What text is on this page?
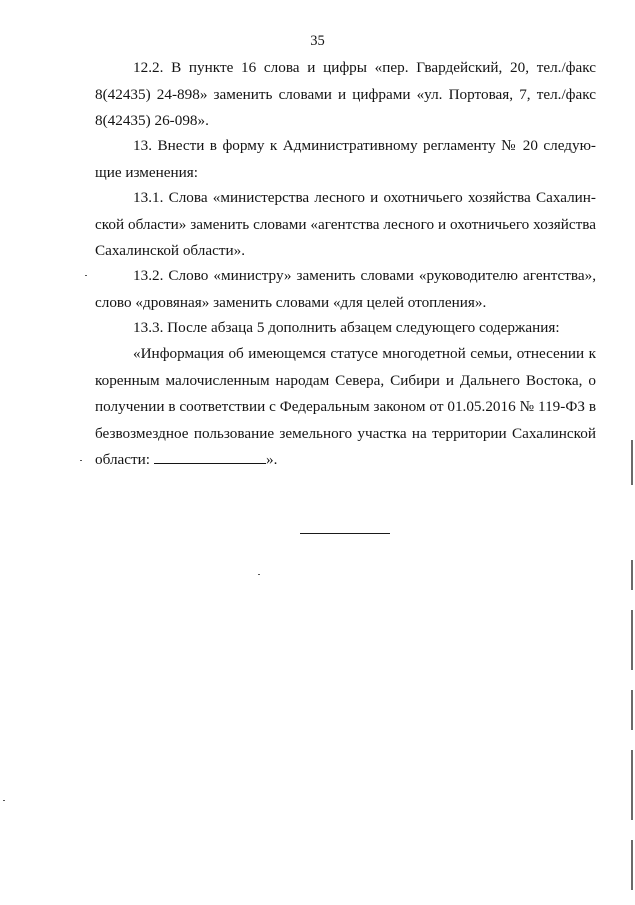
35
12.2. В пункте 16 слова и цифры «пер. Гвардейский, 20, тел./факс
8(42435) 24-898» заменить словами и цифрами «ул. Портовая, 7, тел./факс
8(42435) 26-098».
13. Внести в форму к Административному регламенту № 20 следую-
щие изменения:
13.1. Слова «министерства лесного и охотничьего хозяйства Сахалин-
ской области» заменить словами «агентства лесного и охотничьего хозяйства
Сахалинской области».
13.2. Слово «министру» заменить словами «руководителю агентства»,
слово «дровяная» заменить словами «для целей отопления».
13.3. После абзаца 5 дополнить абзацем следующего содержания:
«Информация об имеющемся статусе многодетной семьи, отнесении к
коренным малочисленным народам Севера, Сибири и Дальнего Востока, о
получении в соответствии с Федеральным законом от 01.05.2016 № 119-ФЗ в
безвозмездное пользование земельного участка на территории Сахалинской
области:	».
